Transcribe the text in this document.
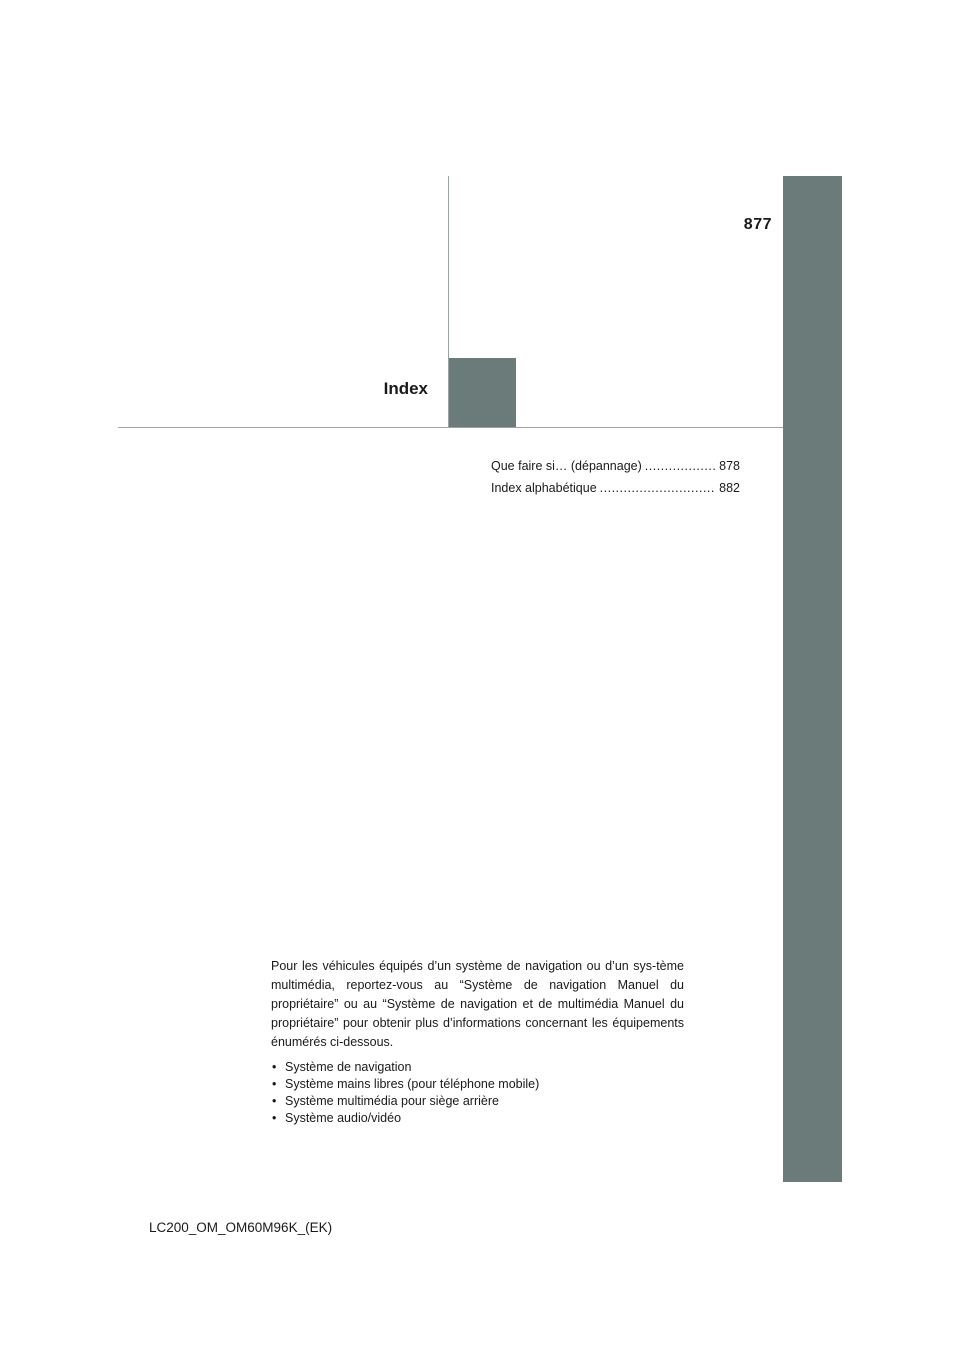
877
Index
Que faire si… (dépannage) .....	878
Index alphabétique .....	882

Pour les véhicules équipés d’un système de navigation ou d’un sys-tème multimédia, reportez-vous au “Système de navigation Manuel du propriétaire” ou au “Système de navigation et de multimédia Manuel du propriétaire” pour obtenir plus d’informations concernant les équipements énumérés ci-dessous.

• Système de navigation
• Système mains libres (pour téléphone mobile)
• Système multimédia pour siège arrière
• Système audio/vidéo
LC200_OM_OM60M96K_(EK)
